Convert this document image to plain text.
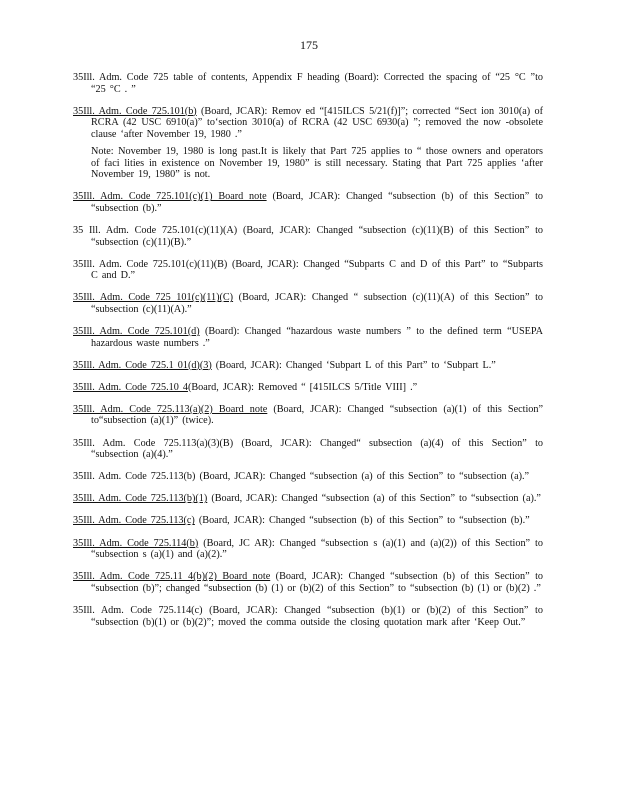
175
35Ill. Adm. Code 725 table of contents, Appendix F heading (Board): Corrected the spacing of “25 °C ”to “25 °C . ”
35Ill. Adm. Code 725.101(b) (Board, JCAR): Remov ed “[415ILCS 5/21(f)]”; corrected “Sect ion 3010(a) of RCRA (42 USC 6910(a)” to‘section 3010(a) of RCRA (42 USC 6930(a) ”; removed the now -obsolete clause ‘after November 19, 1980 .”
Note: November 19, 1980 is long past.It is likely that Part 725 applies to “ those owners and operators of faci lities in existence on November 19, 1980” is still necessary. Stating that Part 725 applies ‘after November 19, 1980” is not.
35Ill. Adm. Code 725.101(c)(1) Board note (Board, JCAR): Changed “subsection (b) of this Section” to “subsection (b).”
35 Ill. Adm. Code 725.101(c)(11)(A) (Board, JCAR): Changed “subsection (c)(11)(B) of this Section” to “subsection (c)(11)(B).”
35Ill. Adm. Code 725.101(c)(11)(B) (Board, JCAR): Changed “Subparts C and D of this Part” to “Subparts C and D.”
35Ill. Adm. Code 725 101(c)(11)(C) (Board, JCAR): Changed “ subsection (c)(11)(A) of this Section” to “subsection (c)(11)(A).”
35Ill. Adm. Code 725.101(d) (Board): Changed “hazardous waste numbers ” to the defined term “USEPA hazardous waste numbers .”
35Ill. Adm. Code 725.1 01(d)(3) (Board, JCAR): Changed ‘Subpart L of this Part” to ‘Subpart L.”
35Ill. Adm. Code 725.10 4(Board, JCAR): Removed “ [415ILCS 5/Title VIII] .”
35Ill. Adm. Code 725.113(a)(2) Board note (Board, JCAR): Changed “subsection (a)(1) of this Section” to“subsection (a)(1)” (twice).
35Ill. Adm. Code 725.113(a)(3)(B) (Board, JCAR): Changed“ subsection (a)(4) of this Section” to “subsection (a)(4).”
35Ill. Adm. Code 725.113(b) (Board, JCAR): Changed “subsection (a) of this Section” to “subsection (a).”
35Ill. Adm. Code 725.113(b)(1) (Board, JCAR): Changed “subsection (a) of this Section” to “subsection (a).”
35Ill. Adm. Code 725.113(c) (Board, JCAR): Changed “subsection (b) of this Section” to “subsection (b).”
35Ill. Adm. Code 725.114(b) (Board, JC AR): Changed “subsection s (a)(1) and (a)(2)) of this Section” to “subsection s (a)(1) and (a)(2).”
35Ill. Adm. Code 725.11 4(b)(2) Board note (Board, JCAR): Changed “subsection (b) of this Section” to “subsection (b)”; changed “subsection (b) (1) or (b)(2) of this Section” to “subsection (b) (1) or (b)(2) .”
35Ill. Adm. Code 725.114(c) (Board, JCAR): Changed “subsection (b)(1) or (b)(2) of this Section” to “subsection (b)(1) or (b)(2)”; moved the comma outside the closing quotation mark after ‘Keep Out.”
